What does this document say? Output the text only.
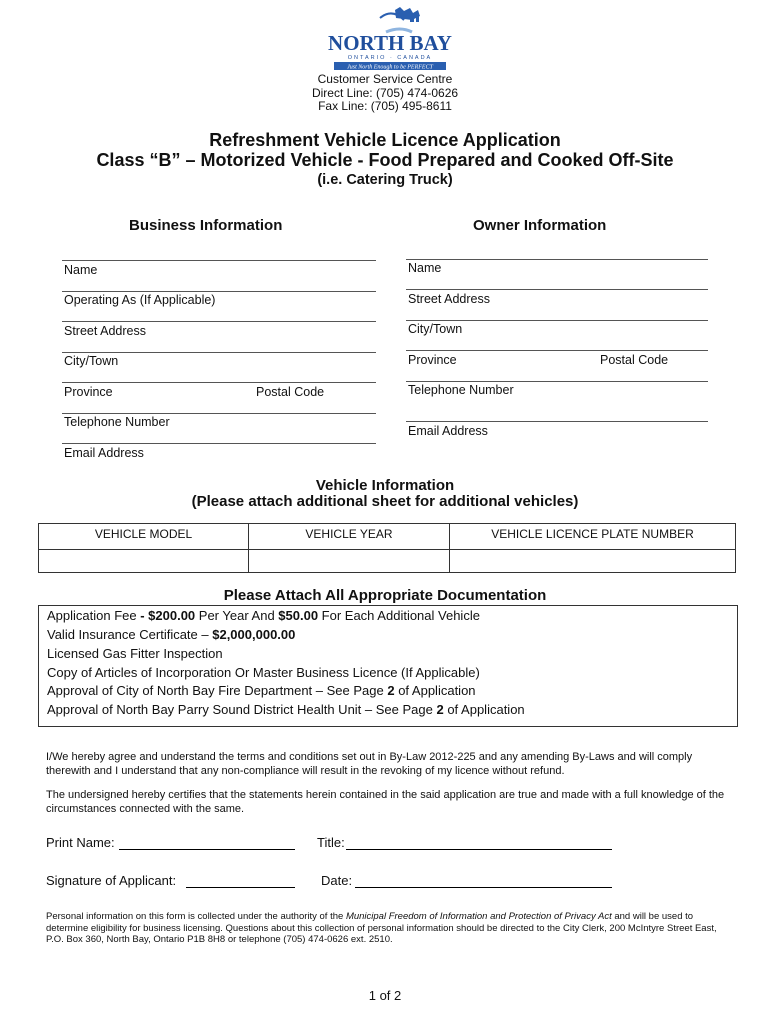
NORTH BAY
ONTARIO · CANADA
Just North Enough to be PERFECT
Customer Service Centre
Direct Line: (705) 474-0626
Fax Line: (705) 495-8611
Refreshment Vehicle Licence Application
Class “B” – Motorized Vehicle - Food Prepared and Cooked Off-Site
(i.e. Catering Truck)
Business Information
Name
Operating As (If Applicable)
Street Address
City/Town
Province	Postal Code
Telephone Number
Email Address
Owner Information
Name
Street Address
City/Town
Province	Postal Code
Telephone Number
Email Address
Vehicle Information
(Please attach additional sheet for additional vehicles)
VEHICLE MODEL	VEHICLE YEAR	VEHICLE LICENCE PLATE NUMBER

Please Attach All Appropriate Documentation
Application Fee - $200.00 Per Year And $50.00 For Each Additional Vehicle
Valid Insurance Certificate – $2,000,000.00
Licensed Gas Fitter Inspection
Copy of Articles of Incorporation Or Master Business Licence (If Applicable)
Approval of City of North Bay Fire Department – See Page 2 of Application
Approval of North Bay Parry Sound District Health Unit – See Page 2 of Application
I/We hereby agree and understand the terms and conditions set out in By-Law 2012-225 and any amending By-Laws and will comply therewith and I understand that any non-compliance will result in the revoking of my licence without refund.
The undersigned hereby certifies that the statements herein contained in the said application are true and made with a full knowledge of the circumstances connected with the same.
Print Name:	Title:
Signature of Applicant:	Date:
Personal information on this form is collected under the authority of the Municipal Freedom of Information and Protection of Privacy Act and will be used to determine eligibility for business licensing. Questions about this collection of personal information should be directed to the City Clerk, 200 McIntyre Street East, P.O. Box 360, North Bay, Ontario P1B 8H8 or telephone (705) 474-0626 ext. 2510.
1 of 2
